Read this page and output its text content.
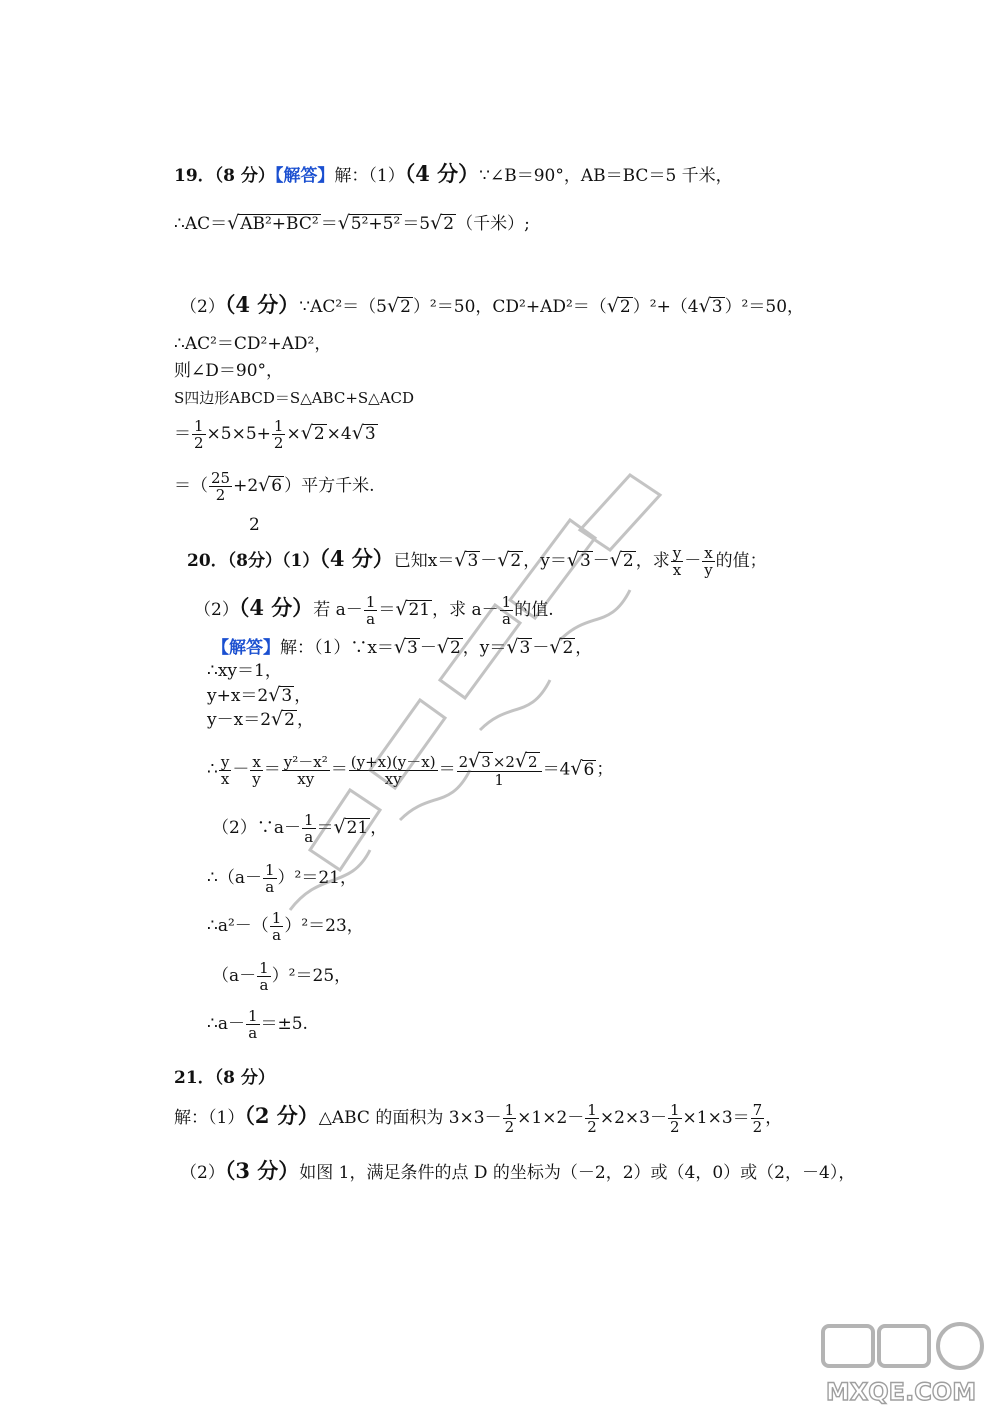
19．（8 分）【解答】解：（1）（4 分）∵∠B＝90°，AB＝BC＝5 千米，
∴AC＝√AB²+BC² ＝√5²+5² ＝5√2 （千米）;
（2）（4 分）∵AC²＝（5√2 ）²＝50，CD²+AD²＝（√2 ）²+（4√3 ）²＝50，
∴AC²＝CD²+AD²，
则∠D＝90°，
S四边形ABCD＝S△ABC+S△ACD
＝ $\frac{1}{2} \times 5\times 5+ \frac{1}{2} \times√2 \times 4√3$
＝（ $\frac{25}{2} +2√6$ ）平方千米.
2
20．（8分）（1）（4 分）已知x＝√3 －√2 ，y＝√3 －√2 ，求 $\frac{y}{x} - \frac{x}{y}$ 的值；
（2）（4 分）若 $a- \frac{1}{a} =√21$ ，求 $a- \frac{1}{a}$ 的值.
【解答】解：（1）∵x＝√3 －√2 ，y＝√3 －√2 ，
∴xy＝1，
y+x＝2√3 ，
y－x＝2√2 ，
∴ $\frac{y}{x} - \frac{x}{y} = \frac{\text{y²－x²}}{xy} = \frac{(y+x)(y-x)}{xy} = \frac{2√3 \times 2√2}{1} =4√6$ ；
（2）∵a－ $\frac{1}{a} =√21$ ，
∴（a－ $\frac{1}{a} )^2=21$，
∴a²－（ $\frac{1}{a} )^2=23$，
$(a- \frac{1}{a} )^2=25$，
∴a－ $\frac{1}{a} =\pm 5$.
21．（8 分）
解：（1）（2 分）△ABC 的面积为 $3\times 3- \frac{1}{2} \times 1\times 2- \frac{1}{2} \times 2\times 3- \frac{1}{2} \times 1\times 3= \frac{7}{2}$ ，
（2）（3 分）如图 1，满足条件的点 D 的坐标为（－2，2）或（4，0）或（2，－4），
MXQE.COM
